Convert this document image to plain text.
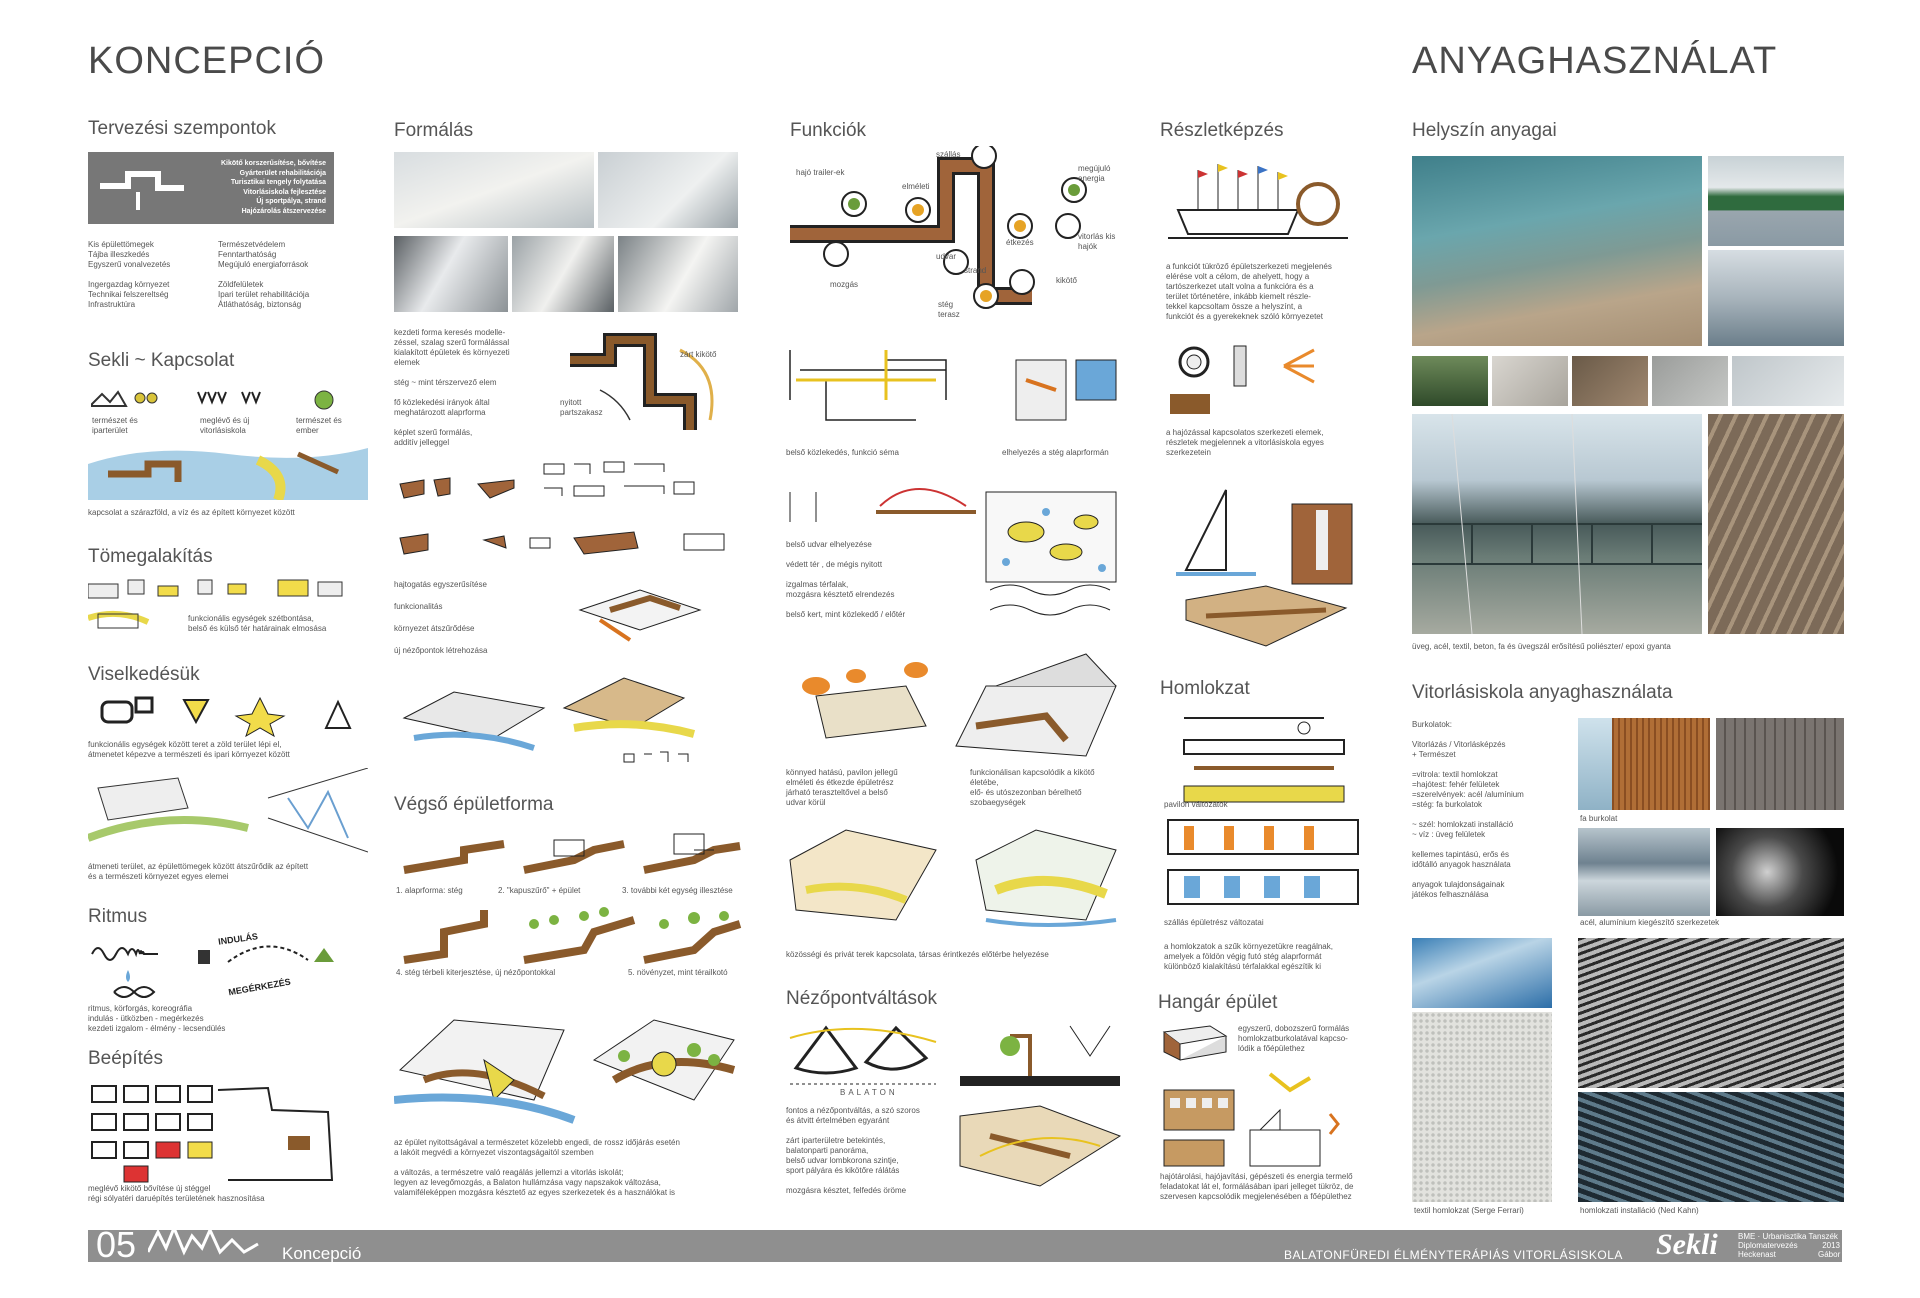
KONCEPCIÓ	ANYAGHASZNÁLAT
Tervezési szempontok
Kikötő korszerűsítése, bővítése
Gyárterület rehabilitációja
Turisztikai tengely folytatása
Vitorlásiskola fejlesztése
Új sportpálya, strand
Hajózárolás átszervezése
Kis épülettömegek
Tájba illeszkedés
Egyszerű vonalvezetés
Ingergazdag környezet
Technikai felszereltség
Infrastruktúra
Természetvédelem
Fenntarthatóság
Megújuló energiaforrások
Zöldfelületek
Ipari terület rehabilitációja
Átláthatóság, biztonság
Sekli ~ Kapcsolat
természet és iparterület
meglévő és új vitorlásiskola
természet és ember
kapcsolat a szárazföld, a víz és az épített környezet között
Tömegalakítás
funkcionális egységek szétbontása,
belső és külső tér határainak elmosása
Viselkedésük
funkcionális egységek között teret a zöld terület lépi el,
átmenetet képezve a természeti és ipari környezet között
átmeneti terület, az épülettömegek között átszűrődik az épített
és a természeti környezet egyes elemei
Ritmus
INDULÁS
MEGÉRKEZÉS
ritmus, körforgás, koreográfia
indulás - ütközben - megérkezés
kezdeti izgalom - élmény - lecsendülés
Beépítés
meglévő kikötő bővítése új stéggel
régi sólyatéri daruépítés területének hasznosítása
Formálás
kezdeti forma keresés modelle-
zéssel, szalag szerű formálással
kialakított épületek és környezeti
elemek
stég ~ mint térszervező elem
fő közlekedési irányok által
meghatározott alaprforma
képlet szerű formálás,
additív jelleggel
zárt kikötő
nyitott partszakasz
hajtogatás egyszerűsítése
funkcionalitás
környezet átszűrődése
új nézőpontok létrehozása
Végső épületforma
1. alaprforma: stég	2. "kapuszűrő" + épület	3. további két egység illesztése
4. stég térbeli kiterjesztése, új nézőpontokkal	5. növényzet, mint térailkotó
az épület nyitottságával a természetet közelebb engedi, de rossz időjárás esetén
a lakóit megvédi a környezet viszontagságaitól szemben
a változás, a természetre való reagálás jellemzi a vitorlás iskolát;
legyen az levegőmozgás, a Balaton hullámzása vagy napszakok változása,
valamiféleképpen mozgásra késztető az egyes szerkezetek és a használókat is
Funkciók
hajó trailer-ek
szállás
megújuló energia
elméleti
étkezés
vitorlás kis hajók
udvar
strand
kikötő
mozgás
stég terasz
belső közlekedés, funkció séma	elhelyezés a stég alaprformán
belső udvar elhelyezése
védett tér , de mégis nyitott
izgalmas térfalak,
mozgásra késztető elrendezés
belső kert, mint közlekedő / előtér
könnyed hatású, pavilon jellegű
elméleti és étkezde épületrész
járható teraszteltővel a belső
udvar körül
funkcionálisan kapcsolódik a kikötő
életébe,
elő- és utószezonban bérelhető
szobaegységek
közösségi és privát terek kapcsolata, társas érintkezés előtérbe helyezése
Nézőpontváltások
BALATON
fontos a nézőpontváltás, a szó szoros
és átvitt értelmében egyaránt
zárt iparterületre betekintés,
balatonparti panoráma,
belső udvar lombkorona szintje,
sport pályára és kikötőre rálátás
mozgásra késztet, felfedés öröme
Részletképzés
a funkciót tükröző épületszerkezeti megjelenés
elérése volt a célom, de ahelyett, hogy a
tartószerkezet utalt volna a funkcióra és a
terület történetére, inkább kiemelt részle-
tekkel kapcsoltam össze a helyszínt, a
funkciót és a gyerekeknek szóló környezetet
a hajózással kapcsolatos szerkezeti elemek,
részletek megjelennek a vitorlásiskola egyes
szerkezetein
Homlokzat
pavilon változatok
szállás épületrész változatai
a homlokzatok a szűk környezetükre reagálnak,
amelyek a földön végig futó stég alaprformát
különböző kialakítású térfalakkal egészítik ki
Hangár épület
egyszerű, dobozszerű formálás
homlokzatburkolatával kapcso-
lódik a főépülethez
hajótárolási, hajójavítási, gépészeti és energia termelő
feladatokat lát el, formálásában ipari jelleget tükröz, de
szervesen kapcsolódik megjelenésében a főépülethez
Helyszín anyagai
üveg, acél, textil, beton, fa és üvegszál erősítésű poliészter/ epoxi gyanta
Vitorlásiskola anyaghasználata
Burkolatok:
Vitorlázás / Vitorlásképzés
+ Természet
=vitrola: textil homlokzat
=hajótest: fehér felületek
=szerelvények: acél /alumínium
=stég: fa burkolatok
~ szél: homlokzati installáció
~ víz : üveg felületek
kellemes tapintású, erős és
időtálló anyagok használata
anyagok tulajdonságainak
játékos felhasználása
fa burkolat
acél, alumínium kiegészítő szerkezetek
textil homlokzat (Serge Ferrari)	homlokzati installáció (Ned Kahn)
05	Koncepció	BALATONFÜREDI ÉLMÉNYTERÁPIÁS VITORLÁSISKOLA Sekli	BME · Urbanisztika Tanszék
Diplomatervezés
Heckenast
2013
Gábor
